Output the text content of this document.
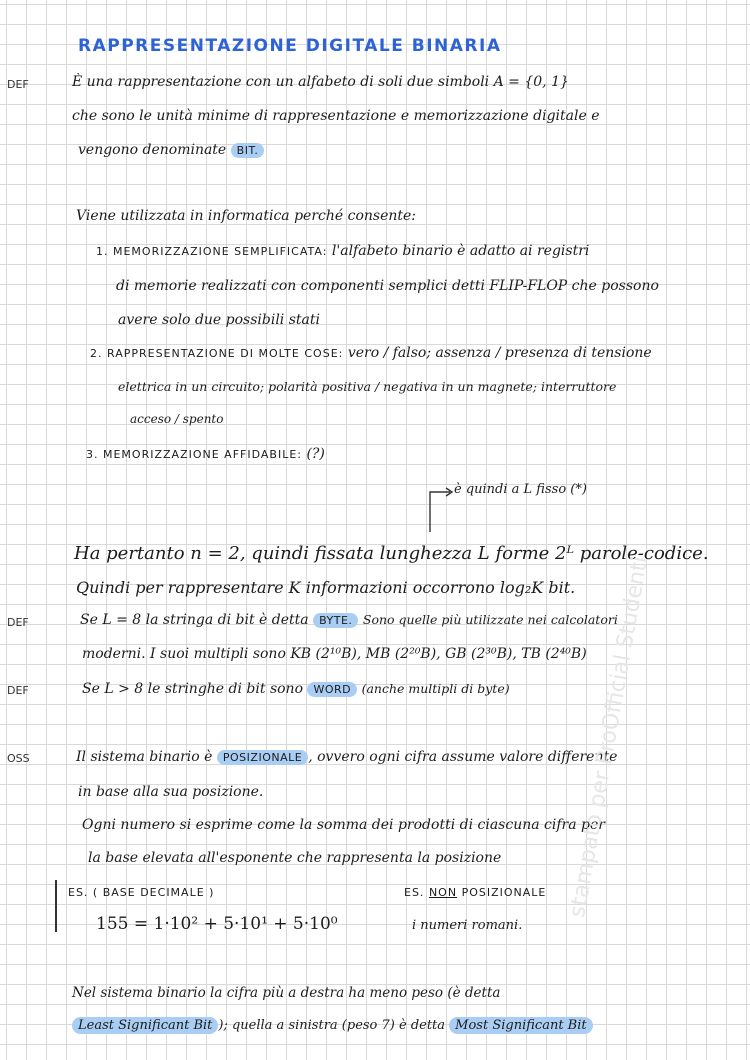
RAPPRESENTAZIONE DIGITALE BINARIA
DEF
DEF
DEF
OSS
È una rappresentazione con un alfabeto di soli due simboli A = {0, 1}
che sono le unità minime di rappresentazione e memorizzazione digitale e
vengono denominate BIT.
Viene utilizzata in informatica perché consente:
1. MEMORIZZAZIONE SEMPLIFICATA: l'alfabeto binario è adatto ai registri
di memorie realizzati con componenti semplici detti FLIP-FLOP che possono
avere solo due possibili stati
2. RAPPRESENTAZIONE DI MOLTE COSE: vero / falso; assenza / presenza di tensione
elettrica in un circuito; polarità positiva / negativa in un magnete; interruttore
acceso / spento
3. MEMORIZZAZIONE AFFIDABILE: (?)
è quindi a L fisso (*)
Ha pertanto n = 2, quindi fissata lunghezza L forme 2ᴸ parole-codice.
Quindi per rappresentare K informazioni occorrono log₂K bit.
Se L = 8 la stringa di bit è detta BYTE. Sono quelle più utilizzate nei calcolatori
moderni. I suoi multipli sono KB (2¹⁰B), MB (2²⁰B), GB (2³⁰B), TB (2⁴⁰B)
Se L > 8 le stringhe di bit sono WORD (anche multipli di byte)
Il sistema binario è POSIZIONALE , ovvero ogni cifra assume valore differente
in base alla sua posizione.
Ogni numero si esprime come la somma dei prodotti di ciascuna cifra per
la base elevata all'esponente che rappresenta la posizione
ES. ( BASE DECIMALE )
155 = 1·10² + 5·10¹ + 5·10⁰
ES. NON POSIZIONALE
i numeri romani.
Nel sistema binario la cifra più a destra ha meno peso (è detta
Least Significant Bit ); quella a sinistra (peso 7) è detta Most Significant Bit
stampato per ProOfficial Studenti
